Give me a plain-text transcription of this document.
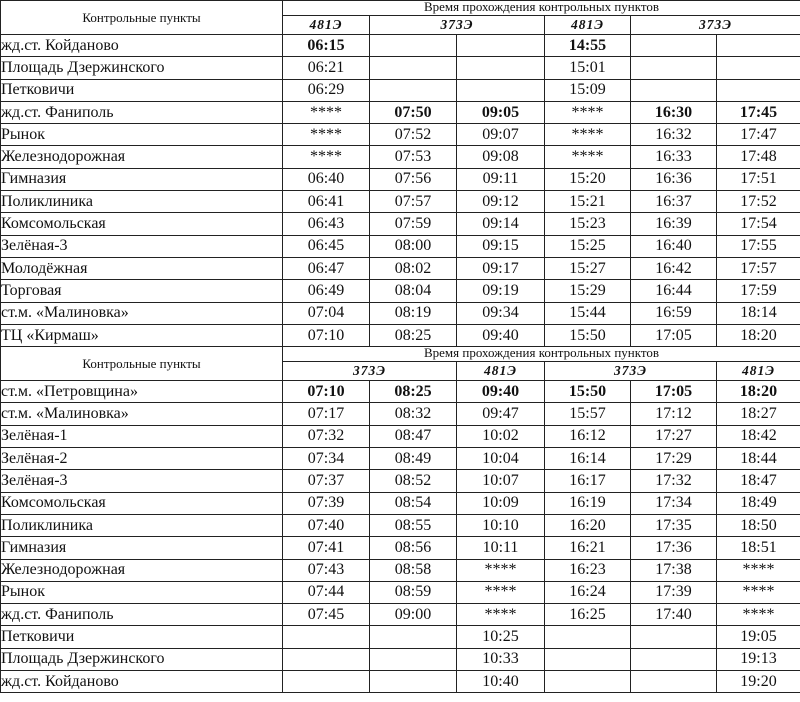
Контрольные пункты	Время прохождения контрольных пунктов					
	481Э	373Э		481Э	373Э	
жд.ст. Койданово	06:15			14:55		
Площадь Дзержинского	06:21			15:01		
Петковичи	06:29			15:09		
жд.ст. Фаниполь	****	07:50	09:05	****	16:30	17:45
Рынок	****	07:52	09:07	****	16:32	17:47
Железнодорожная	****	07:53	09:08	****	16:33	17:48
Гимназия	06:40	07:56	09:11	15:20	16:36	17:51
Поликлиника	06:41	07:57	09:12	15:21	16:37	17:52
Комсомольская	06:43	07:59	09:14	15:23	16:39	17:54
Зелёная-3	06:45	08:00	09:15	15:25	16:40	17:55
Молодёжная	06:47	08:02	09:17	15:27	16:42	17:57
Торговая	06:49	08:04	09:19	15:29	16:44	17:59
ст.м. «Малиновка»	07:04	08:19	09:34	15:44	16:59	18:14
ТЦ «Кирмаш»	07:10	08:25	09:40	15:50	17:05	18:20
Контрольные пункты	Время прохождения контрольных пунктов					
	373Э		481Э	373Э		481Э
ст.м. «Петровщина»	07:10	08:25	09:40	15:50	17:05	18:20
ст.м. «Малиновка»	07:17	08:32	09:47	15:57	17:12	18:27
Зелёная-1	07:32	08:47	10:02	16:12	17:27	18:42
Зелёная-2	07:34	08:49	10:04	16:14	17:29	18:44
Зелёная-3	07:37	08:52	10:07	16:17	17:32	18:47
Комсомольская	07:39	08:54	10:09	16:19	17:34	18:49
Поликлиника	07:40	08:55	10:10	16:20	17:35	18:50
Гимназия	07:41	08:56	10:11	16:21	17:36	18:51
Железнодорожная	07:43	08:58	****	16:23	17:38	****
Рынок	07:44	08:59	****	16:24	17:39	****
жд.ст. Фаниполь	07:45	09:00	****	16:25	17:40	****
Петковичи			10:25			19:05
Площадь Дзержинского			10:33			19:13
жд.ст. Койданово			10:40			19:20
